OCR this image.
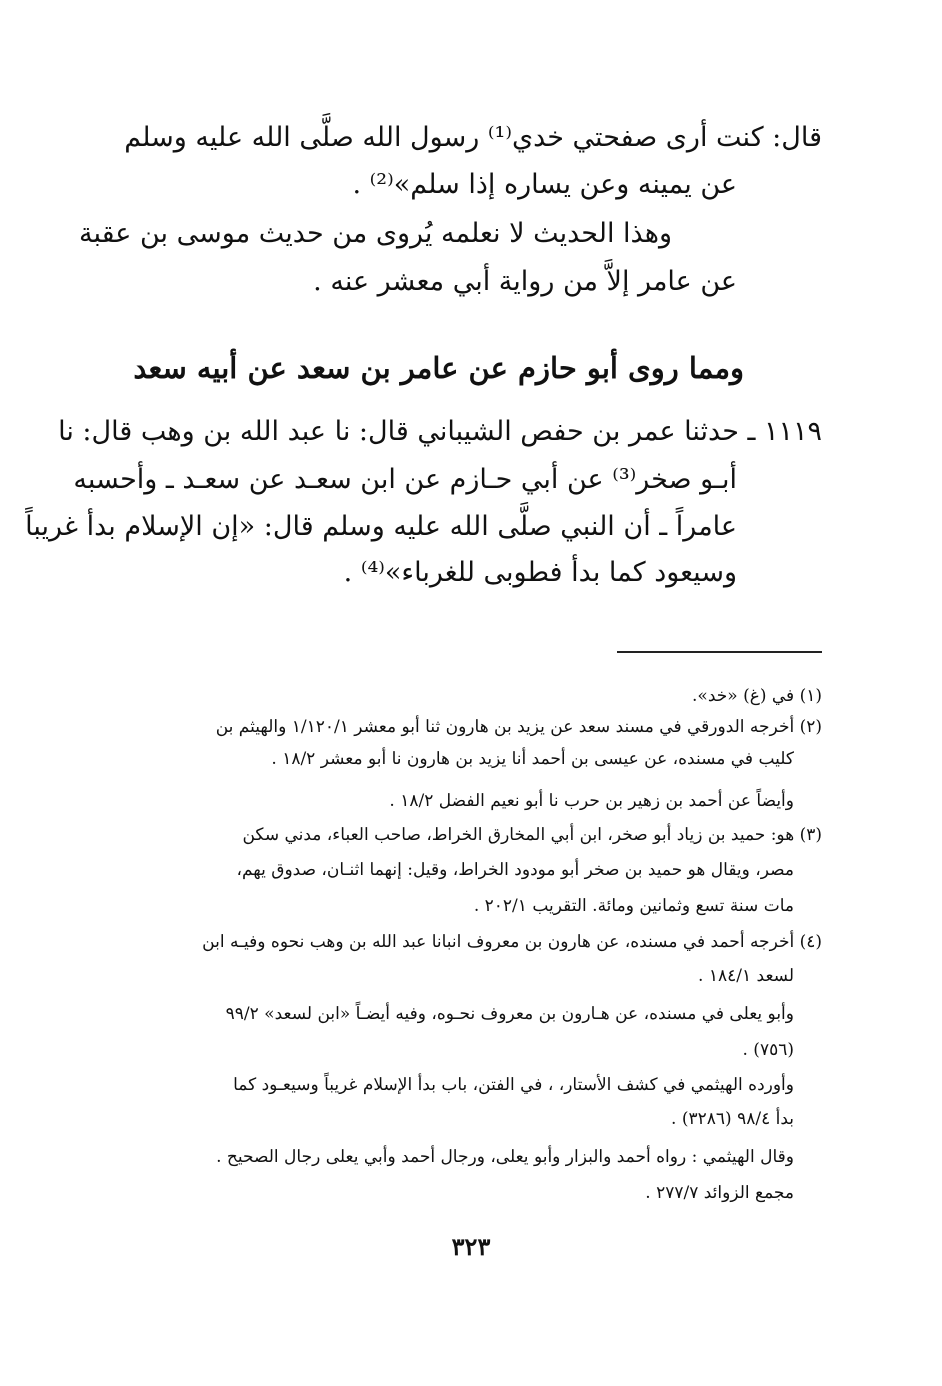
قال: كنت أرى صفحتي خدي⁽¹⁾ رسول الله صلَّى الله عليه وسلم
عن يمينه وعن يساره إذا سلم»⁽²⁾ .
وهذا الحديث لا نعلمه يُروى من حديث موسى بن عقبة
عن عامر إلاَّ من رواية أبي معشر عنه .
ومما روى أبو حازم عن عامر بن سعد عن أبيه سعد
١١١٩ ـ حدثنا عمر بن حفص الشيباني قال: نا عبد الله بن وهب قال: نا
أبـو صخر⁽³⁾ عن أبي حـازم عن ابن سعـد عن سعـد ـ وأحسبه
عامراً ـ أن النبي صلَّى الله عليه وسلم قال: «إن الإسلام بدأ غريباً
وسيعود كما بدأ فطوبى للغرباء»⁽⁴⁾ .
(١) في (غ) «خد».
(٢) أخرجه الدورقي في مسند سعد عن يزيد بن هارون ثنا أبو معشر ١/١٢٠/١ والهيثم بن
كليب في مسنده، عن عيسى بن أحمد أنا يزيد بن هارون نا أبو معشر ١٨/٢ .
وأيضاً عن أحمد بن زهير بن حرب نا أبو نعيم الفضل ١٨/٢ .
(٣) هو: حميد بن زياد أبو صخر، ابن أبي المخارق الخراط، صاحب العباء، مدني سكن
مصر، ويقال هو حميد بن صخر أبو مودود الخراط، وقيل: إنهما اثنـان، صدوق يهم،
مات سنة تسع وثمانين ومائة. التقريب ٢٠٢/١ .
(٤) أخرجه أحمد في مسنده، عن هارون بن معروف انبانا عبد الله بن وهب نحوه وفيـه ابن
لسعد ١٨٤/١ .
وأبو يعلى في مسنده، عن هـارون بن معروف نحـوه، وفيه أيضـاً «ابن لسعد» ٩٩/٢
(٧٥٦) .
وأورده الهيثمي في كشف الأستار، ، في الفتن، باب بدأ الإسلام غريباً وسيعـود كما
بدأ ٩٨/٤ (٣٢٨٦) .
وقال الهيثمي : رواه أحمد والبزار وأبو يعلى، ورجال أحمد وأبي يعلى رجال الصحيح .
مجمع الزوائد ٢٧٧/٧ .
٣٢٣
